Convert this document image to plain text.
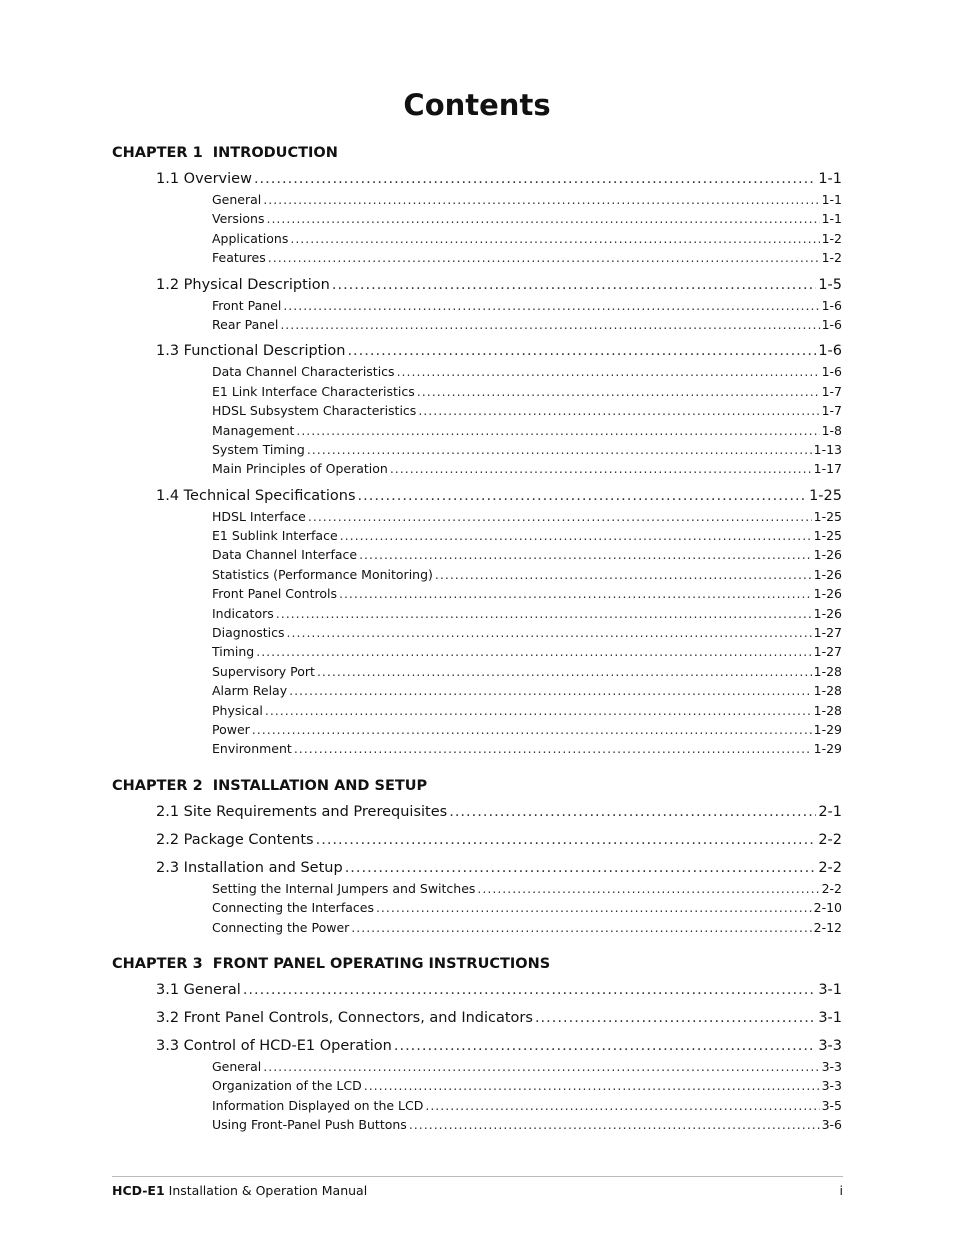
Contents
CHAPTER 1 INTRODUCTION
1.1 Overview .....	1-1
General .....	1-1
Versions .....	1-1
Applications .....	1-2
Features .....	1-2
1.2 Physical Description .....	1-5
Front Panel .....	1-6
Rear Panel .....	1-6
1.3 Functional Description .....	1-6
Data Channel Characteristics .....	1-6
E1 Link Interface Characteristics .....	1-7
HDSL Subsystem Characteristics .....	1-7
Management .....	1-8
System Timing .....	1-13
Main Principles of Operation .....	1-17
1.4 Technical Specifications .....	1-25
HDSL Interface .....	1-25
E1 Sublink Interface .....	1-25
Data Channel Interface .....	1-26
Statistics (Performance Monitoring) .....	1-26
Front Panel Controls .....	1-26
Indicators .....	1-26
Diagnostics .....	1-27
Timing .....	1-27
Supervisory Port .....	1-28
Alarm Relay .....	1-28
Physical .....	1-28
Power .....	1-29
Environment .....	1-29
CHAPTER 2 INSTALLATION AND SETUP
2.1 Site Requirements and Prerequisites .....	2-1
2.2 Package Contents .....	2-2
2.3 Installation and Setup .....	2-2
Setting the Internal Jumpers and Switches .....	2-2
Connecting the Interfaces .....	2-10
Connecting the Power .....	2-12
CHAPTER 3 FRONT PANEL OPERATING INSTRUCTIONS
3.1 General .....	3-1
3.2 Front Panel Controls, Connectors, and Indicators .....	3-1
3.3 Control of HCD-E1 Operation .....	3-3
General .....	3-3
Organization of the LCD .....	3-3
Information Displayed on the LCD .....	3-5
Using Front-Panel Push Buttons .....	3-6
HCD-E1
Installation & Operation Manual	i
